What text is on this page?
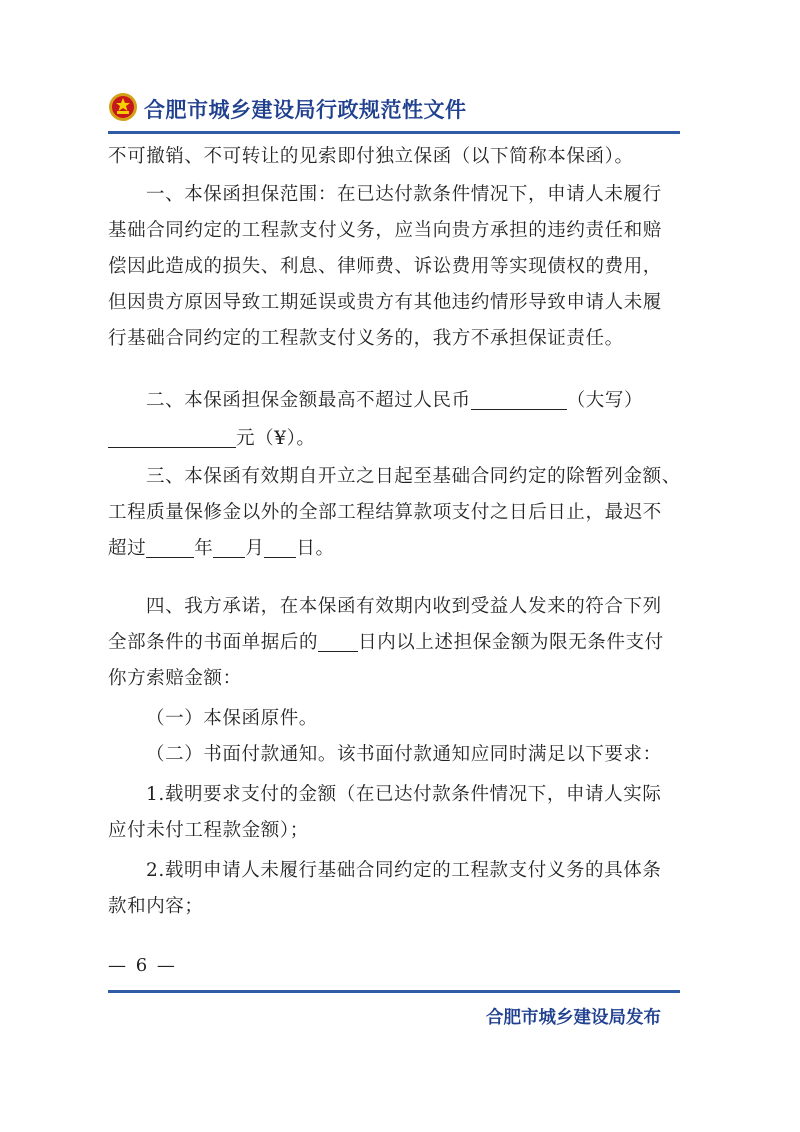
合肥市城乡建设局行政规范性文件
不可撤销、不可转让的见索即付独立保函（以下简称本保函）。
一、本保函担保范围：在已达付款条件情况下，申请人未履行
基础合同约定的工程款支付义务，应当向贵方承担的违约责任和赔
偿因此造成的损失、利息、律师费、诉讼费用等实现债权的费用，
但因贵方原因导致工期延误或贵方有其他违约情形导致申请人未履
行基础合同约定的工程款支付义务的，我方不承担保证责任。
二、本保函担保金额最高不超过人民币	（大写）
元（¥）。
三、本保函有效期自开立之日起至基础合同约定的除暂列金额、
工程质量保修金以外的全部工程结算款项支付之日后日止，最迟不
超过	年 月 日。
四、我方承诺，在本保函有效期内收到受益人发来的符合下列
全部条件的书面单据后的 日内以上述担保金额为限无条件支付
你方索赔金额：
（一）本保函原件。
（二）书面付款通知。该书面付款通知应同时满足以下要求：
1.载明要求支付的金额（在已达付款条件情况下，申请人实际
应付未付工程款金额）；
2.载明申请人未履行基础合同约定的工程款支付义务的具体条
款和内容；
— 6 —
合肥市城乡建设局发布
